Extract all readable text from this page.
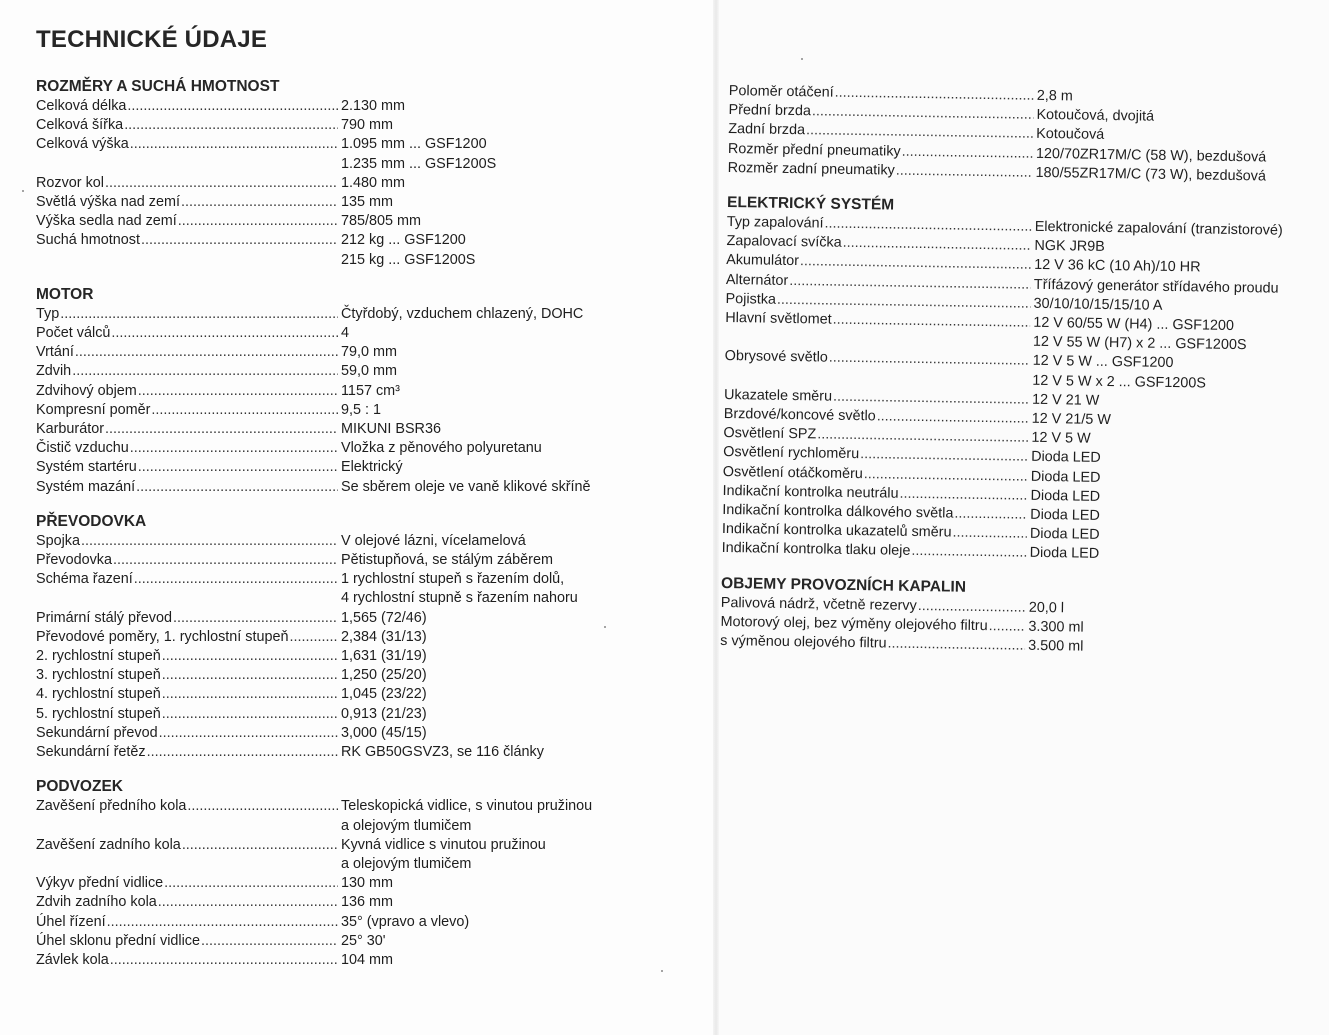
TECHNICKÉ ÚDAJE
ROZMĚRY A SUCHÁ HMOTNOST
Celková délka .....	2.130 mm
Celková šířka .....	790 mm
Celková výška .....	1.095 mm ... GSF1200
1.235 mm ... GSF1200S
Rozvor kol .....	1.480 mm
Světlá výška nad zemí .....	135 mm
Výška sedla nad zemí .....	785/805 mm
Suchá hmotnost .....	212 kg ... GSF1200
215 kg ... GSF1200S
MOTOR
Typ .....	Čtyřdobý, vzduchem chlazený, DOHC
Počet válců .....	4
Vrtání .....	79,0 mm
Zdvih .....	59,0 mm
Zdvihový objem .....	1157 cm³
Kompresní poměr .....	9,5 : 1
Karburátor .....	MIKUNI BSR36
Čistič vzduchu .....	Vložka z pěnového polyuretanu
Systém startéru .....	Elektrický
Systém mazání .....	Se sběrem oleje ve vaně klikové skříně
PŘEVODOVKA
Spojka .....	V olejové lázni, vícelamelová
Převodovka .....	Pětistupňová, se stálým záběrem
Schéma řazení .....	1 rychlostní stupeň s řazením dolů,
4 rychlostní stupně s řazením nahoru
Primární stálý převod .....	1,565 (72/46)
Převodové poměry, 1. rychlostní stupeň .....	2,384 (31/13)
2. rychlostní stupeň .....	1,631 (31/19)
3. rychlostní stupeň .....	1,250 (25/20)
4. rychlostní stupeň .....	1,045 (23/22)
5. rychlostní stupeň .....	0,913 (21/23)
Sekundární převod .....	3,000 (45/15)
Sekundární řetěz .....	RK GB50GSVZ3, se 116 články
PODVOZEK
Zavěšení předního kola .....	Teleskopická vidlice, s vinutou pružinou
a olejovým tlumičem
Zavěšení zadního kola .....	Kyvná vidlice s vinutou pružinou
a olejovým tlumičem
Výkyv přední vidlice .....	130 mm
Zdvih zadního kola .....	136 mm
Úhel řízení .....	35° (vpravo a vlevo)
Úhel sklonu přední vidlice .....	25° 30'
Závlek kola .....	104 mm
Poloměr otáčení .....	2,8 m
Přední brzda .....	Kotoučová, dvojitá
Zadní brzda .....	Kotoučová
Rozměr přední pneumatiky .....	120/70ZR17M/C (58 W), bezdušová
Rozměr zadní pneumatiky .....	180/55ZR17M/C (73 W), bezdušová
ELEKTRICKÝ SYSTÉM
Typ zapalování .....	Elektronické zapalování (tranzistorové)
Zapalovací svíčka .....	NGK JR9B
Akumulátor .....	12 V 36 kC (10 Ah)/10 HR
Alternátor .....	Třífázový generátor střídavého proudu
Pojistka .....	30/10/10/15/15/10 A
Hlavní světlomet .....	12 V 60/55 W (H4) ... GSF1200
12 V 55 W (H7) x 2 ... GSF1200S
Obrysové světlo .....	12 V 5 W ... GSF1200
12 V 5 W x 2 ... GSF1200S
Ukazatele směru .....	12 V 21 W
Brzdové/koncové světlo .....	12 V 21/5 W
Osvětlení SPZ .....	12 V 5 W
Osvětlení rychloměru .....	Dioda LED
Osvětlení otáčkoměru .....	Dioda LED
Indikační kontrolka neutrálu .....	Dioda LED
Indikační kontrolka dálkového světla .....	Dioda LED
Indikační kontrolka ukazatelů směru .....	Dioda LED
Indikační kontrolka tlaku oleje .....	Dioda LED
OBJEMY PROVOZNÍCH KAPALIN
Palivová nádrž, včetně rezervy .....	20,0 l
Motorový olej, bez výměny olejového filtru .....	3.300 ml
s výměnou olejového filtru .....	3.500 ml
